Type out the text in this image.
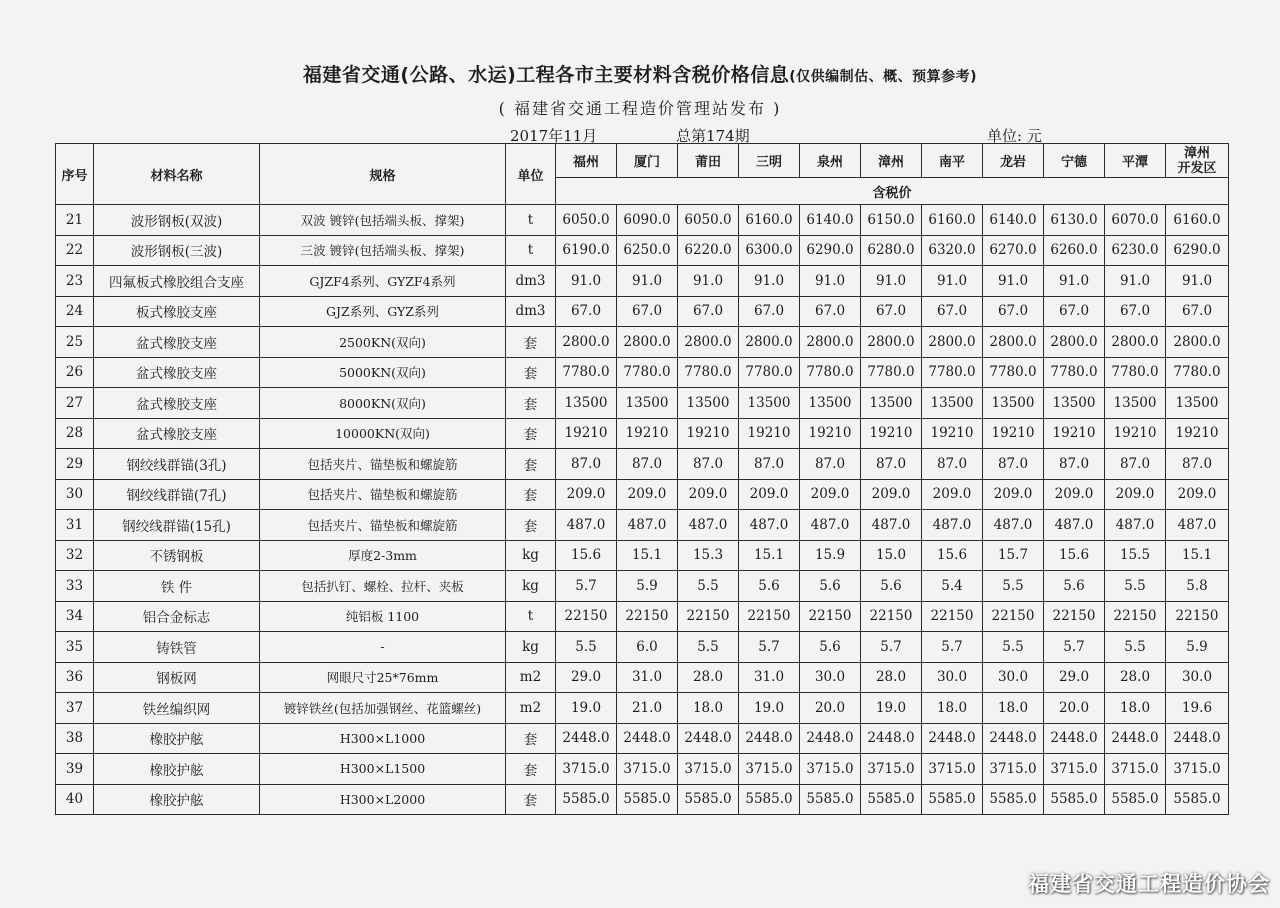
福建省交通(公路、水运)工程各市主要材料含税价格信息(仅供编制估、概、预算参考)
( 福建省交通工程造价管理站发布 )
2017年11月	总第174期	单位: 元
序号	材料名称	规格	单位	福州	厦门	莆田	三明	泉州	漳州	南平	龙岩	宁德	平潭	漳州
开发区

				含税价										
21	波形钢板(双波)	双波 镀锌(包括端头板、撑架)	t	6050.0	6090.0	6050.0	6160.0	6140.0	6150.0	6160.0	6140.0	6130.0	6070.0	6160.0
22	波形钢板(三波)	三波 镀锌(包括端头板、撑架)	t	6190.0	6250.0	6220.0	6300.0	6290.0	6280.0	6320.0	6270.0	6260.0	6230.0	6290.0
23	四氟板式橡胶组合支座	GJZF4系列、GYZF4系列	dm3	91.0	91.0	91.0	91.0	91.0	91.0	91.0	91.0	91.0	91.0	91.0
24	板式橡胶支座	GJZ系列、GYZ系列	dm3	67.0	67.0	67.0	67.0	67.0	67.0	67.0	67.0	67.0	67.0	67.0
25	盆式橡胶支座	2500KN(双向)	套	2800.0	2800.0	2800.0	2800.0	2800.0	2800.0	2800.0	2800.0	2800.0	2800.0	2800.0
26	盆式橡胶支座	5000KN(双向)	套	7780.0	7780.0	7780.0	7780.0	7780.0	7780.0	7780.0	7780.0	7780.0	7780.0	7780.0
27	盆式橡胶支座	8000KN(双向)	套	13500	13500	13500	13500	13500	13500	13500	13500	13500	13500	13500
28	盆式橡胶支座	10000KN(双向)	套	19210	19210	19210	19210	19210	19210	19210	19210	19210	19210	19210
29	钢绞线群锚(3孔)	包括夹片、锚垫板和螺旋筋	套	87.0	87.0	87.0	87.0	87.0	87.0	87.0	87.0	87.0	87.0	87.0
30	钢绞线群锚(7孔)	包括夹片、锚垫板和螺旋筋	套	209.0	209.0	209.0	209.0	209.0	209.0	209.0	209.0	209.0	209.0	209.0
31	钢绞线群锚(15孔)	包括夹片、锚垫板和螺旋筋	套	487.0	487.0	487.0	487.0	487.0	487.0	487.0	487.0	487.0	487.0	487.0
32	不锈钢板	厚度2-3mm	kg	15.6	15.1	15.3	15.1	15.9	15.0	15.6	15.7	15.6	15.5	15.1
33	铁 件	包括扒钉、螺栓、拉杆、夹板	kg	5.7	5.9	5.5	5.6	5.6	5.6	5.4	5.5	5.6	5.5	5.8
34	铝合金标志	纯铝板 1100	t	22150	22150	22150	22150	22150	22150	22150	22150	22150	22150	22150
35	铸铁管	-	kg	5.5	6.0	5.5	5.7	5.6	5.7	5.7	5.5	5.7	5.5	5.9
36	钢板网	网眼尺寸25*76mm	m2	29.0	31.0	28.0	31.0	30.0	28.0	30.0	30.0	29.0	28.0	30.0
37	铁丝编织网	镀锌铁丝(包括加强钢丝、花篮螺丝)	m2	19.0	21.0	18.0	19.0	20.0	19.0	18.0	18.0	20.0	18.0	19.6
38	橡胶护舷	H300×L1000	套	2448.0	2448.0	2448.0	2448.0	2448.0	2448.0	2448.0	2448.0	2448.0	2448.0	2448.0
39	橡胶护舷	H300×L1500	套	3715.0	3715.0	3715.0	3715.0	3715.0	3715.0	3715.0	3715.0	3715.0	3715.0	3715.0
40	橡胶护舷	H300×L2000	套	5585.0	5585.0	5585.0	5585.0	5585.0	5585.0	5585.0	5585.0	5585.0	5585.0	5585.0
福建省交通工程造价协会
